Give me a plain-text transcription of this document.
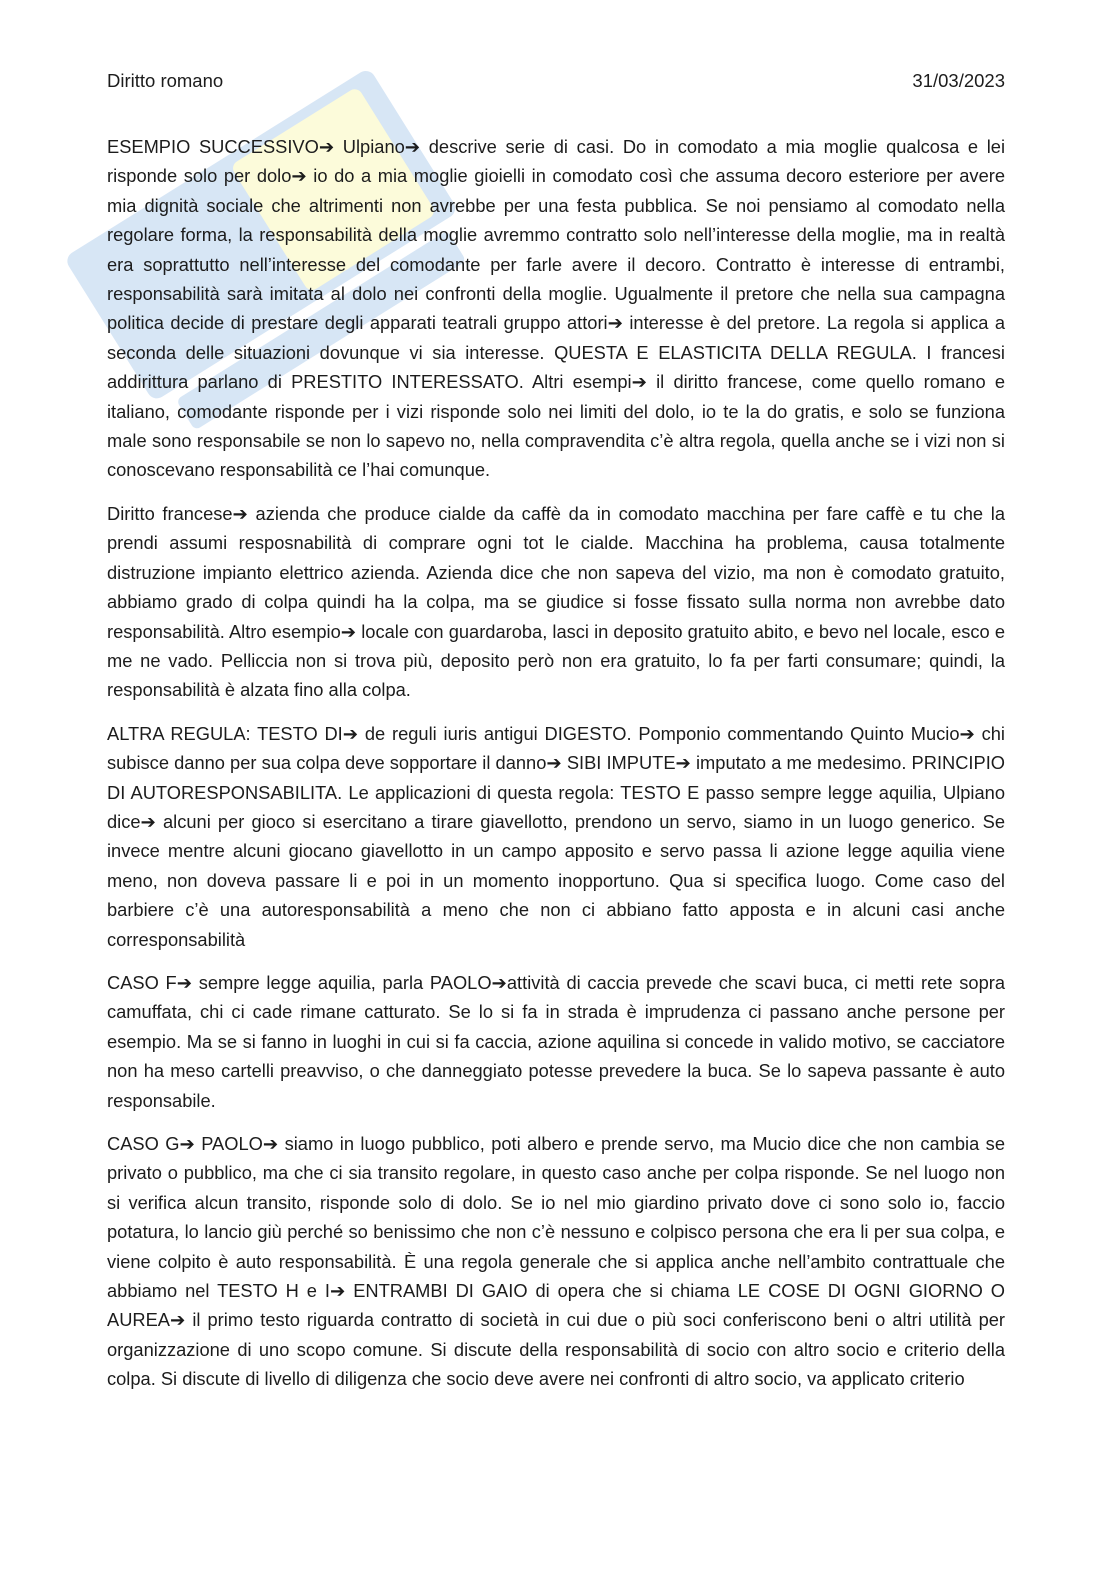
Diritto romano	31/03/2023

ESEMPIO SUCCESSIVO➔ Ulpiano➔ descrive serie di casi. Do in comodato a mia moglie qualcosa e lei risponde solo per dolo➔ io do a mia moglie gioielli in comodato così che assuma decoro esteriore per avere mia dignità sociale che altrimenti non avrebbe per una festa pubblica. Se noi pensiamo al comodato nella regolare forma, la responsabilità della moglie avremmo contratto solo nell’interesse della moglie, ma in realtà era soprattutto nell’interesse del comodante per farle avere il decoro. Contratto è interesse di entrambi, responsabilità sarà imitata al dolo nei confronti della moglie. Ugualmente il pretore che nella sua campagna politica decide di prestare degli apparati teatrali gruppo attori➔ interesse è del pretore. La regola si applica a seconda delle situazioni dovunque vi sia interesse. QUESTA E ELASTICITA DELLA REGULA. I francesi addirittura parlano di PRESTITO INTERESSATO. Altri esempi➔ il diritto francese, come quello romano e italiano, comodante risponde per i vizi risponde solo nei limiti del dolo, io te la do gratis, e solo se funziona male sono responsabile se non lo sapevo no, nella compravendita c’è altra regola, quella anche se i vizi non si conoscevano responsabilità ce l’hai comunque.

Diritto francese➔ azienda che produce cialde da caffè da in comodato macchina per fare caffè e tu che la prendi assumi resposnabilità di comprare ogni tot le cialde. Macchina ha problema, causa totalmente distruzione impianto elettrico azienda. Azienda dice che non sapeva del vizio, ma non è comodato gratuito, abbiamo grado di colpa quindi ha la colpa, ma se giudice si fosse fissato sulla norma non avrebbe dato responsabilità. Altro esempio➔ locale con guardaroba, lasci in deposito gratuito abito, e bevo nel locale, esco e me ne vado. Pelliccia non si trova più, deposito però non era gratuito, lo fa per farti consumare; quindi, la responsabilità è alzata fino alla colpa.

ALTRA REGULA: TESTO DI➔ de reguli iuris antigui DIGESTO. Pomponio commentando Quinto Mucio➔ chi subisce danno per sua colpa deve sopportare il danno➔ SIBI IMPUTE➔ imputato a me medesimo. PRINCIPIO DI AUTORESPONSABILITA. Le applicazioni di questa regola: TESTO E passo sempre legge aquilia, Ulpiano dice➔ alcuni per gioco si esercitano a tirare giavellotto, prendono un servo, siamo in un luogo generico. Se invece mentre alcuni giocano giavellotto in un campo apposito e servo passa li azione legge aquilia viene meno, non doveva passare li e poi in un momento inopportuno. Qua si specifica luogo. Come caso del barbiere c’è una autoresponsabilità a meno che non ci abbiano fatto apposta e in alcuni casi anche corresponsabilità

CASO F➔ sempre legge aquilia, parla PAOLO➔attività di caccia prevede che scavi buca, ci metti rete sopra camuffata, chi ci cade rimane catturato. Se lo si fa in strada è imprudenza ci passano anche persone per esempio. Ma se si fanno in luoghi in cui si fa caccia, azione aquilina si concede in valido motivo, se cacciatore non ha meso cartelli preavviso, o che danneggiato potesse prevedere la buca. Se lo sapeva passante è auto responsabile.

CASO G➔ PAOLO➔ siamo in luogo pubblico, poti albero e prende servo, ma Mucio dice che non cambia se privato o pubblico, ma che ci sia transito regolare, in questo caso anche per colpa risponde. Se nel luogo non si verifica alcun transito, risponde solo di dolo. Se io nel mio giardino privato dove ci sono solo io, faccio potatura, lo lancio giù perché so benissimo che non c’è nessuno e colpisco persona che era li per sua colpa, e viene colpito è auto responsabilità. È una regola generale che si applica anche nell’ambito contrattuale che abbiamo nel TESTO H e I➔ ENTRAMBI DI GAIO di opera che si chiama LE COSE DI OGNI GIORNO O AUREA➔ il primo testo riguarda contratto di società in cui due o più soci conferiscono beni o altri utilità per organizzazione di uno scopo comune. Si discute della responsabilità di socio con altro socio e criterio della colpa. Si discute di livello di diligenza che socio deve avere nei confronti di altro socio, va applicato criterio
